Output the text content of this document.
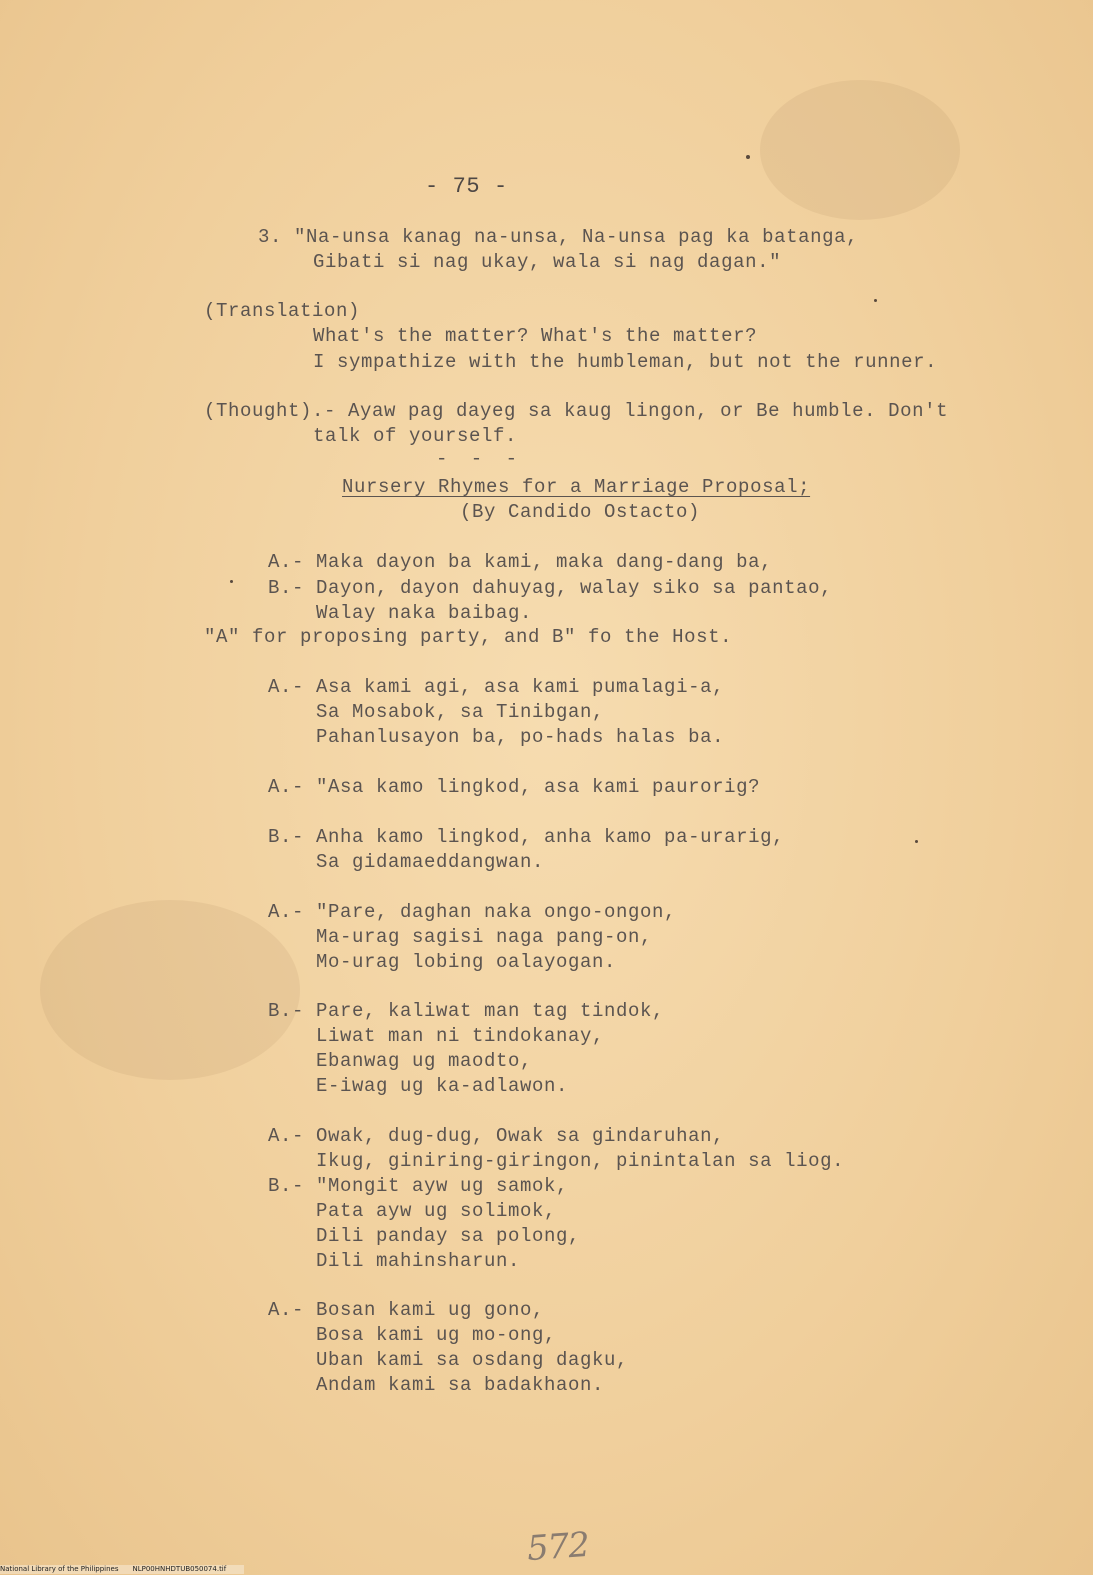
- 75 -
3. "Na-unsa kanag na-unsa, Na-unsa pag ka batanga,
Gibati si nag ukay, wala si nag dagan."
(Translation)
What's the matter? What's the matter?
I sympathize with the humbleman, but not the runner.
(Thought).- Ayaw pag dayeg sa kaug lingon, or Be humble. Don't
talk of yourself.
- - -
Nursery Rhymes for a Marriage Proposal;
(By Candido Ostacto)
A.- Maka dayon ba kami, maka dang-dang ba,
B.- Dayon, dayon dahuyag, walay siko sa pantao,
Walay naka baibag.
"A" for proposing party, and B" fo the Host.
A.- Asa kami agi, asa kami pumalagi-a,
Sa Mosabok, sa Tinibgan,
Pahanlusayon ba, po-hads halas ba.
A.- "Asa kamo lingkod, asa kami paurorig?
B.- Anha kamo lingkod, anha kamo pa-urarig,
Sa gidamaeddangwan.
A.- "Pare, daghan naka ongo-ongon,
Ma-urag sagisi naga pang-on,
Mo-urag lobing oalayogan.
B.- Pare, kaliwat man tag tindok,
Liwat man ni tindokanay,
Ebanwag ug maodto,
E-iwag ug ka-adlawon.
A.- Owak, dug-dug, Owak sa gindaruhan,
Ikug, giniring-giringon, pinintalan sa liog.
B.- "Mongit ayw ug samok,
Pata ayw ug solimok,
Dili panday sa polong,
Dili mahinsharun.
A.- Bosan kami ug gono,
Bosa kami ug mo-ong,
Uban kami sa osdang dagku,
Andam kami sa badakhaon.
572
National Library of the Philippines NLP00HNHDTUB050074.tif
